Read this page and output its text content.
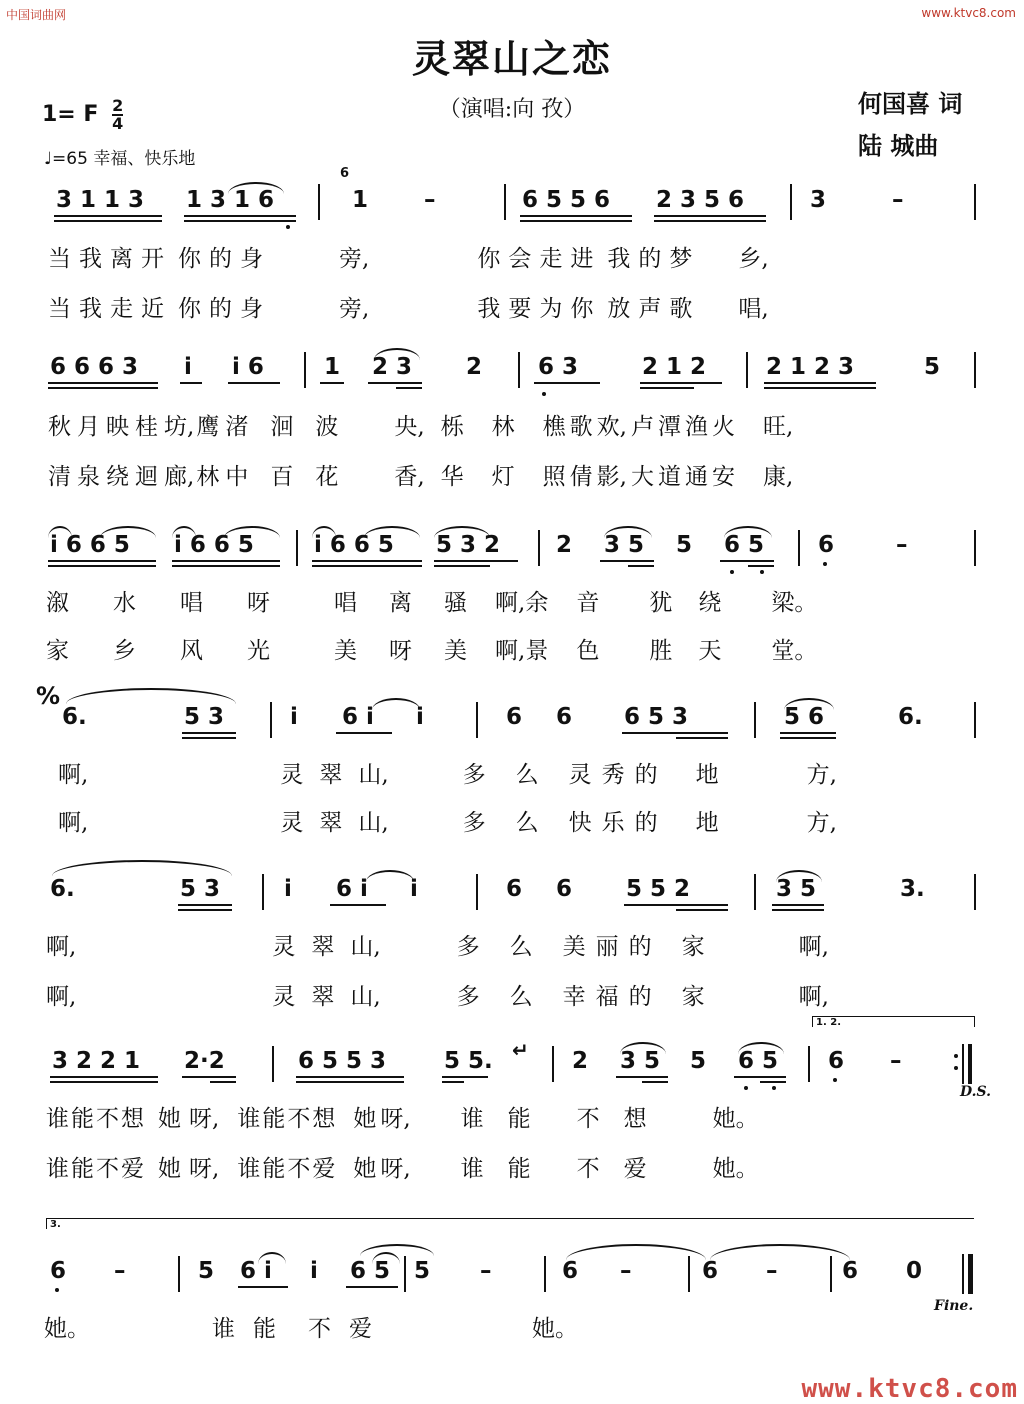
中国词曲网	www.ktvc8.com
灵翠山之恋
（演唱:向 孜）	何国喜 词
陆 城曲
1= F $\frac{2}{4}$
♩=65 幸福、快乐地
3 1 1 3 1 3 1 6
6
1 –	6 5 5 6 2 3 5 6	3	–
当 我 离 开 你 的 身	旁,	你 会 走 进 我 的 梦 乡,
当 我 走 近 你 的 身	旁,	我 要 为 你 放 声 歌 唱,
6 6 6 3 i i 6	1 2 3 2 6 3	2 1 2	2 1 2 3	5
秋 月 映 桂 坊,鹰 渚 洄 波 央, 栎 林 樵 歌 欢, 卢 潭 渔 火 旺,
清 泉 绕 迴 廊,林 中 百 花 香, 华 灯 照 倩 影, 大 道 通 安 康,
i 6 6 5 i 6 6 5	i 6 6 5 5 3 2 2 3 5 5 6 5 6	–
溆 水 唱 呀	唱 离 骚 啊,余 音 犹 绕 梁。
家 乡 风 光	美 呀 美 啊,景 色 胜 天 堂。
%
6.	5 3	i 6 i i	6 6 6 5 3	5 6	6.
啊,	灵 翠 山,	多 么 灵 秀 的 地	方,
啊,	灵 翠 山,	多 么 快 乐 的 地	方,
6.	5 3	i 6 i i	6 6 5 5 2	3 5	3.
啊,	灵 翠 山,	多 么 美 丽 的 家	啊,
啊,	灵 翠 山,	多 么 幸 福 的 家	啊,
1. 2.
3 2 2 1 2·2	6 5 5 3	5 5. ↵ 2 3 5 5 6 5 6 –
D.S.
谁能不想 她 呀, 谁能不想 她 呀, 谁 能 不 想	她。
谁能不爱 她 呀, 谁能不爱 她 呀, 谁 能 不 爱	她。
3.
6 –	5 6 i i 6 5 5 –	6 –	6 –	6 0
Fine.
她。	谁 能 不 爱	她。
www.ktvc8.com
